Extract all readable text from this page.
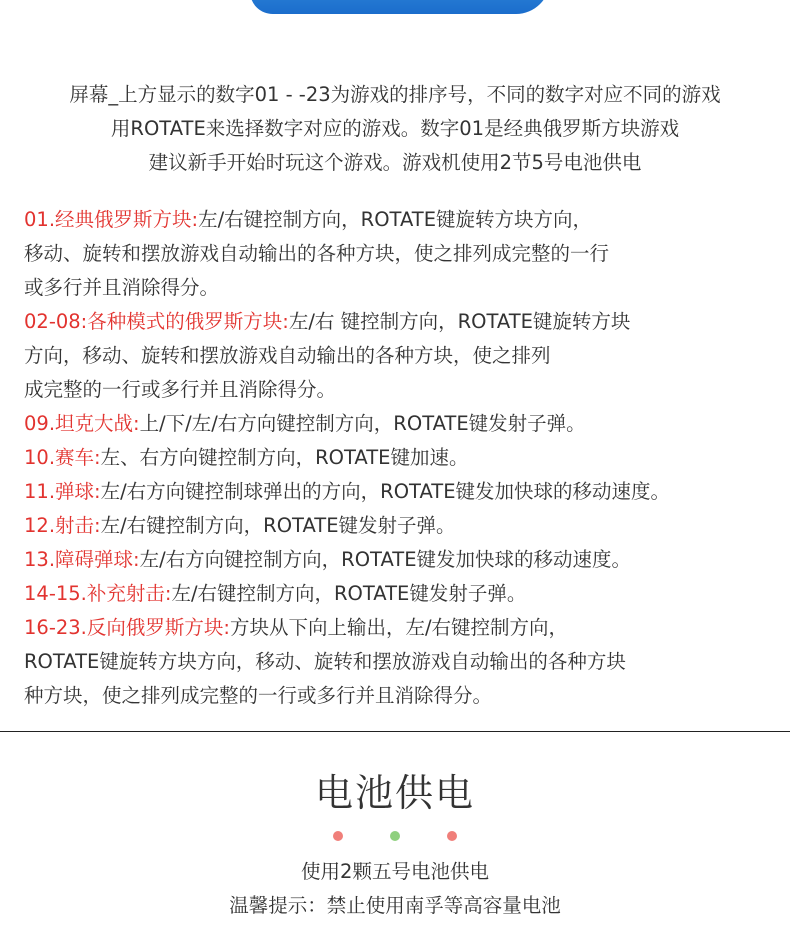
屏幕_上方显示的数字01 - -23为游戏的排序号，不同的数字对应不同的游戏
用ROTATE来选择数字对应的游戏。数字01是经典俄罗斯方块游戏
建议新手开始时玩这个游戏。游戏机使用2节5号电池供电
01.经典俄罗斯方块:左/右键控制方向，ROTATE键旋转方块方向，
移动、旋转和摆放游戏自动输出的各种方块，使之排列成完整的一行
或多行并且消除得分。
02-08:各种模式的俄罗斯方块:左/右 键控制方向，ROTATE键旋转方块
方向，移动、旋转和摆放游戏自动输出的各种方块，使之排列
成完整的一行或多行并且消除得分。
09.坦克大战:上/下/左/右方向键控制方向，ROTATE键发射子弹。
10.赛车:左、右方向键控制方向，ROTATE键加速。
11.弹球:左/右方向键控制球弹出的方向，ROTATE键发加快球的移动速度。
12.射击:左/右键控制方向，ROTATE键发射子弹。
13.障碍弹球:左/右方向键控制方向，ROTATE键发加快球的移动速度。
14-15.补充射击:左/右键控制方向，ROTATE键发射子弹。
16-23.反向俄罗斯方块:方块从下向上输出，左/右键控制方向，
ROTATE键旋转方块方向，移动、旋转和摆放游戏自动输出的各种方块
种方块，使之排列成完整的一行或多行并且消除得分。
电池供电

使用2颗五号电池供电
温馨提示：禁止使用南孚等高容量电池
